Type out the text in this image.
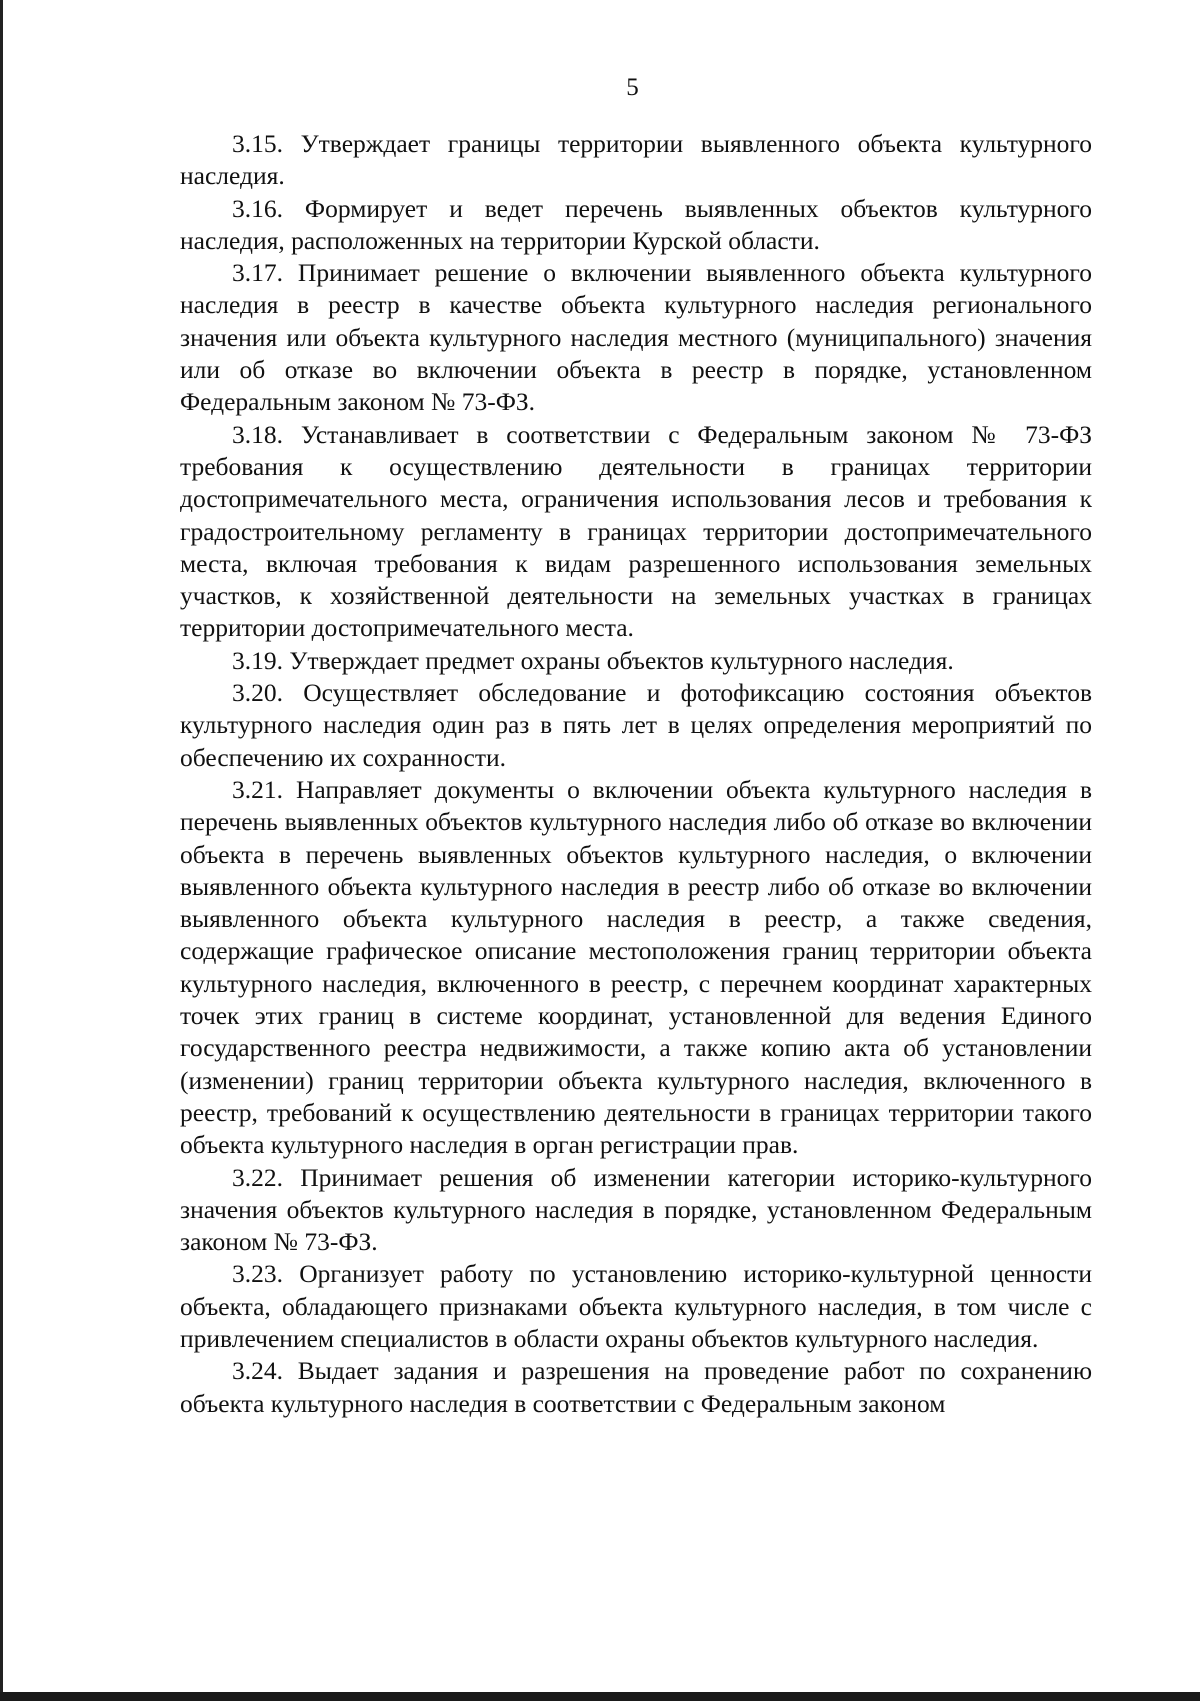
5

3.15. Утверждает границы территории выявленного объекта культурного наследия.

3.16. Формирует и ведет перечень выявленных объектов культурного наследия, расположенных на территории Курской области.

3.17. Принимает решение о включении выявленного объекта культурного наследия в реестр в качестве объекта культурного наследия регионального значения или объекта культурного наследия местного (муниципального) значения или об отказе во включении объекта в реестр в порядке, установленном Федеральным законом № 73-ФЗ.

3.18. Устанавливает в соответствии с Федеральным законом № 73-ФЗ требования к осуществлению деятельности в границах территории достопримечательного места, ограничения использования лесов и требования к градостроительному регламенту в границах территории достопримечательного места, включая требования к видам разрешенного использования земельных участков, к хозяйственной деятельности на земельных участках в границах территории достопримечательного места.

3.19. Утверждает предмет охраны объектов культурного наследия.

3.20. Осуществляет обследование и фотофиксацию состояния объектов культурного наследия один раз в пять лет в целях определения мероприятий по обеспечению их сохранности.

3.21. Направляет документы о включении объекта культурного наследия в перечень выявленных объектов культурного наследия либо об отказе во включении объекта в перечень выявленных объектов культурного наследия, о включении выявленного объекта культурного наследия в реестр либо об отказе во включении выявленного объекта культурного наследия в реестр, а также сведения, содержащие графическое описание местоположения границ территории объекта культурного наследия, включенного в реестр, с перечнем координат характерных точек этих границ в системе координат, установленной для ведения Единого государственного реестра недвижимости, а также копию акта об установлении (изменении) границ территории объекта культурного наследия, включенного в реестр, требований к осуществлению деятельности в границах территории такого объекта культурного наследия в орган регистрации прав.

3.22. Принимает решения об изменении категории историко-культурного значения объектов культурного наследия в порядке, установленном Федеральным законом № 73-ФЗ.

3.23. Организует работу по установлению историко-культурной ценности объекта, обладающего признаками объекта культурного наследия, в том числе с привлечением специалистов в области охраны объектов культурного наследия.

3.24. Выдает задания и разрешения на проведение работ по сохранению объекта культурного наследия в соответствии с Федеральным законом
